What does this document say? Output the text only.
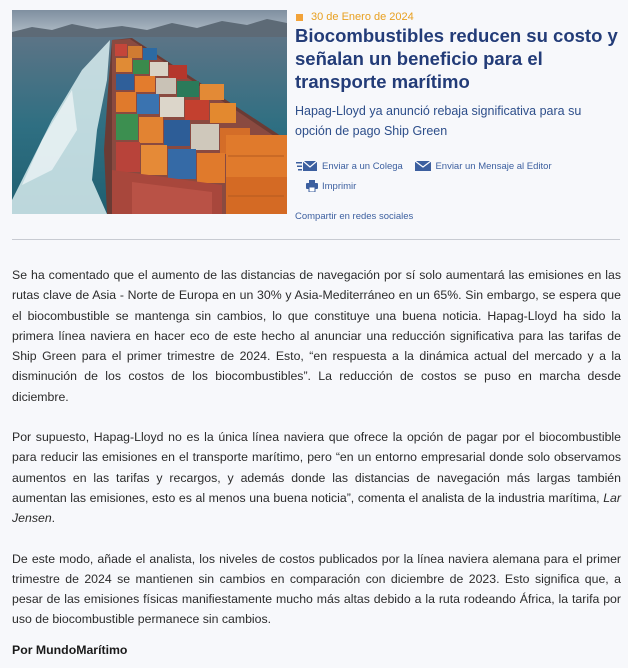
30 de Enero de 2024
Biocombustibles reducen su costo y señalan un beneficio para el transporte marítimo

Hapag-Lloyd ya anunció rebaja significativa para su opción de pago Ship Green

Enviar a un Colega
	Enviar un Mensaje al Editor
Imprimir
Compartir en redes sociales

Se ha comentado que el aumento de las distancias de navegación por sí solo aumentará las emisiones en las rutas clave de Asia - Norte de Europa en un 30% y Asia-Mediterráneo en un 65%. Sin embargo, se espera que el biocombustible se mantenga sin cambios, lo que constituye una buena noticia. Hapag-Lloyd ha sido la primera línea naviera en hacer eco de este hecho al anunciar una reducción significativa para las tarifas de Ship Green para el primer trimestre de 2024. Esto, “en respuesta a la dinámica actual del mercado y a la disminución de los costos de los biocombustibles”. La reducción de costos se puso en marcha desde diciembre.

Por supuesto, Hapag-Lloyd no es la única línea naviera que ofrece la opción de pagar por el biocombustible para reducir las emisiones en el transporte marítimo, pero “en un entorno empresarial donde solo observamos aumentos en las tarifas y recargos, y además donde las distancias de navegación más largas también aumentan las emisiones, esto es al menos una buena noticia”, comenta el analista de la industria marítima, Lar Jensen.

De este modo, añade el analista, los niveles de costos publicados por la línea naviera alemana para el primer trimestre de 2024 se mantienen sin cambios en comparación con diciembre de 2023. Esto significa que, a pesar de las emisiones físicas manifiestamente mucho más altas debido a la ruta rodeando África, la tarifa por uso de biocombustible permanece sin cambios.

Por MundoMarítimo
